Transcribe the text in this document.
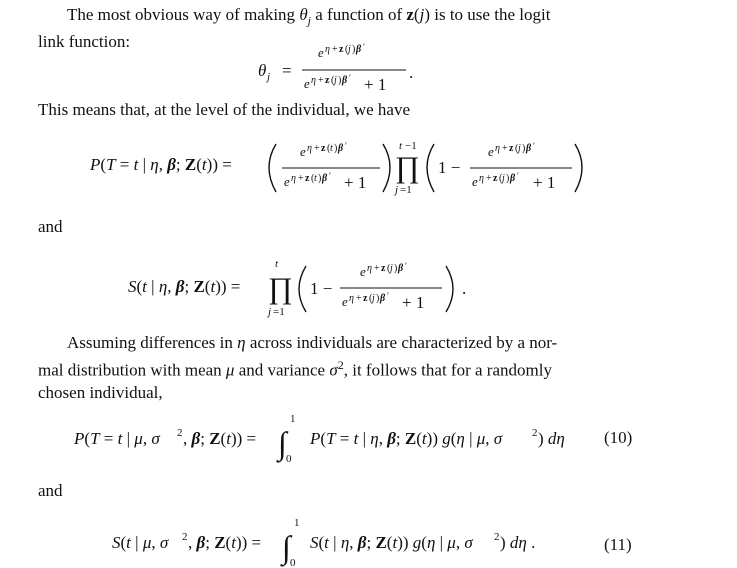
The most obvious way of making $\theta_j$ a function of z(j) is to use the logit
link function:
θ j =
e η + z ( j ) β ′
e η + z ( j ) β ′ + 1
.
This means that, at the level of the individual, we have
P(T = t | η, β; Z(t)) =
e η + z ( t ) β ′
e η + z ( t ) β ′ + 1
t −1
∏
j =1
1 −
e η + z ( j ) β ′
e η + z ( j ) β ′ + 1
and
S(t | η, β; Z(t)) =
t
∏
j =1
1 −
e η + z ( j ) β ′
e η + z ( j ) β ′ + 1
.
Assuming differences in η across individuals are characterized by a nor-
mal distribution with mean μ and variance $\sigma^2$, it follows that for a randomly
chosen individual,
P(T = t | μ, σ 2 , β; Z(t)) = ∫
1
0
P(T = t | η, β; Z(t)) g(η | μ, σ	2 ) dη (10)
and
S(t | μ, σ 2 , β; Z(t)) = ∫
1
0
S(t | η, β; Z(t)) g(η | μ, σ 2 ) dη .	(11)
